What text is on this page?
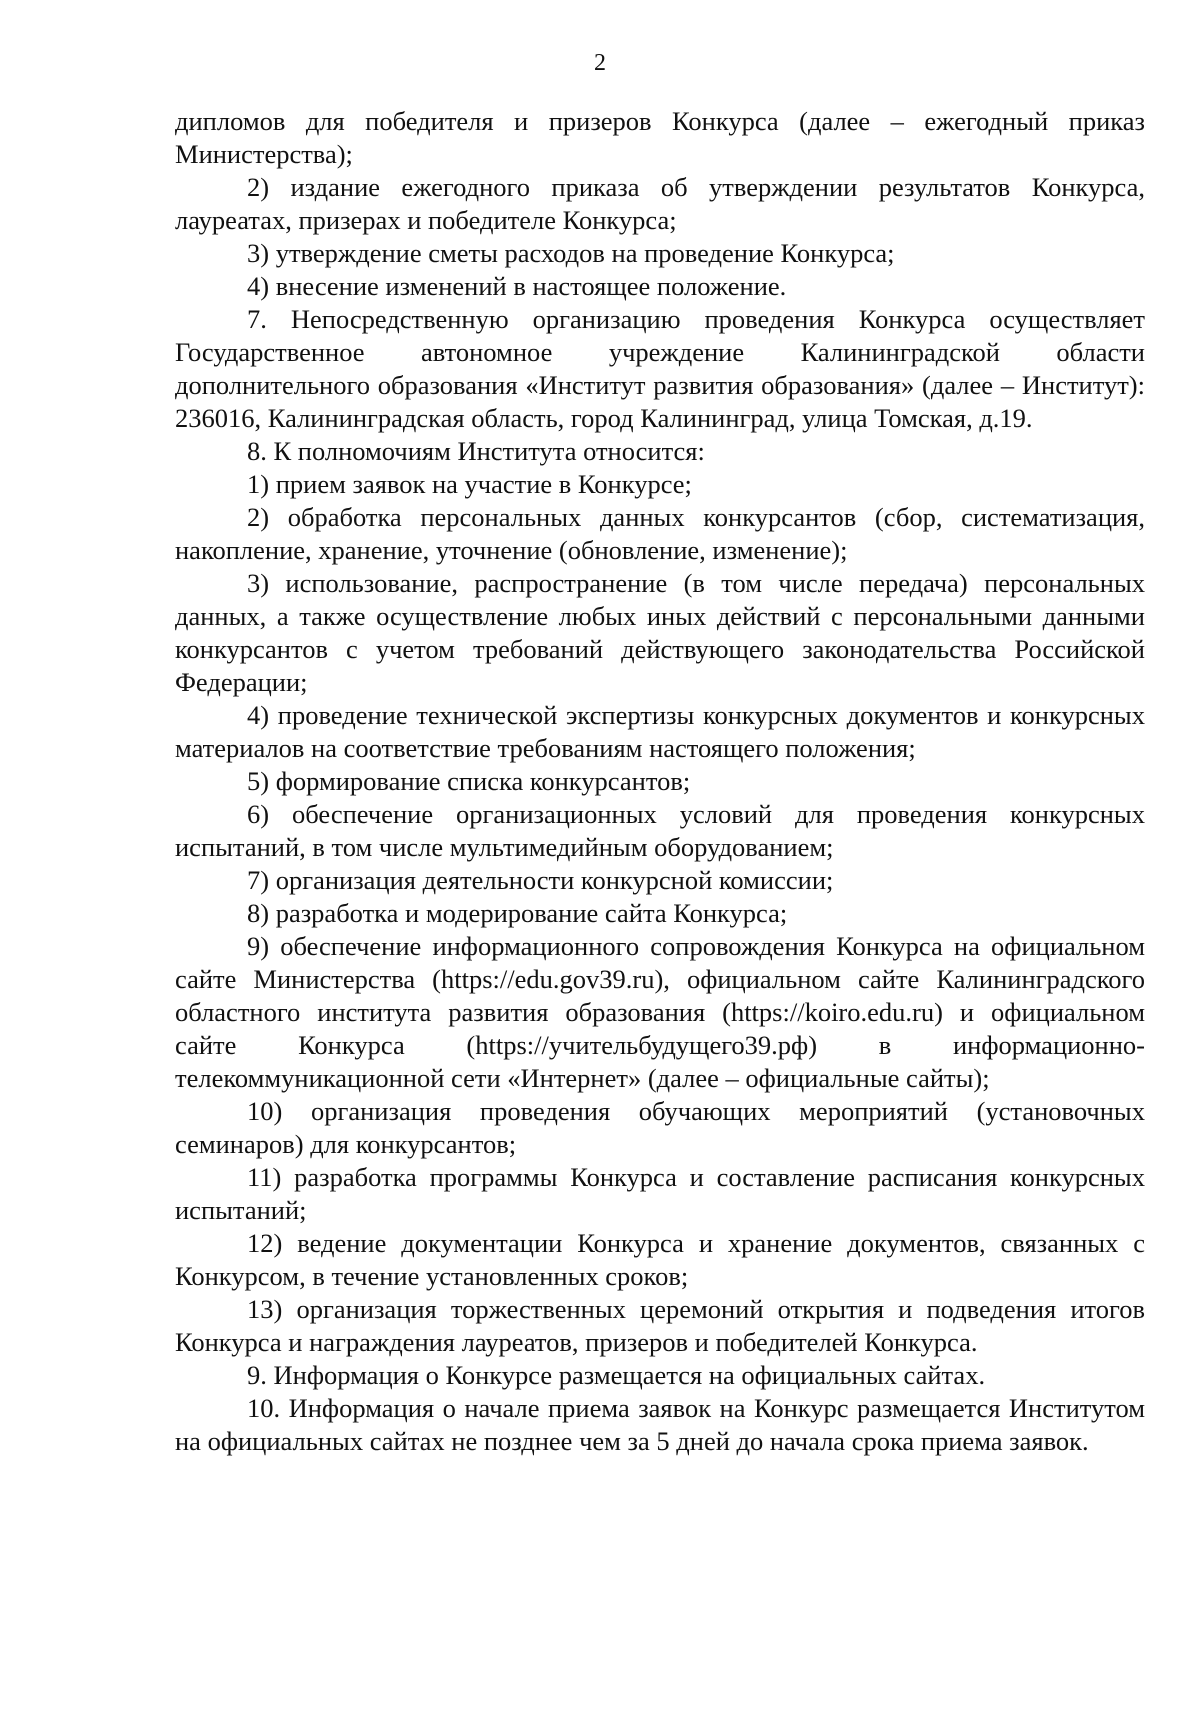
2

дипломов для победителя и призеров Конкурса (далее – ежегодный приказ Министерства);

2) издание ежегодного приказа об утверждении результатов Конкурса, лауреатах, призерах и победителе Конкурса;

3) утверждение сметы расходов на проведение Конкурса;

4) внесение изменений в настоящее положение.

7. Непосредственную организацию проведения Конкурса осуществляет Государственное автономное учреждение Калининградской области дополнительного образования «Институт развития образования» (далее – Институт): 236016, Калининградская область, город Калининград, улица Томская, д.19.

8. К полномочиям Института относится:

1) прием заявок на участие в Конкурсе;

2) обработка персональных данных конкурсантов (сбор, систематизация, накопление, хранение, уточнение (обновление, изменение);

3) использование, распространение (в том числе передача) персональных данных, а также осуществление любых иных действий с персональными данными конкурсантов с учетом требований действующего законодательства Российской Федерации;

4) проведение технической экспертизы конкурсных документов и конкурсных материалов на соответствие требованиям настоящего положения;

5) формирование списка конкурсантов;

6) обеспечение организационных условий для проведения конкурсных испытаний, в том числе мультимедийным оборудованием;

7) организация деятельности конкурсной комиссии;

8) разработка и модерирование сайта Конкурса;

9) обеспечение информационного сопровождения Конкурса на официальном сайте Министерства (https://edu.gov39.ru), официальном сайте Калининградского областного института развития образования (https://koiro.edu.ru) и официальном сайте Конкурса (https://учительбудущего39.рф) в информационно-телекоммуникационной сети «Интернет» (далее – официальные сайты);

10) организация проведения обучающих мероприятий (установочных семинаров) для конкурсантов;

11) разработка программы Конкурса и составление расписания конкурсных испытаний;

12) ведение документации Конкурса и хранение документов, связанных с Конкурсом, в течение установленных сроков;

13) организация торжественных церемоний открытия и подведения итогов Конкурса и награждения лауреатов, призеров и победителей Конкурса.

9. Информация о Конкурсе размещается на официальных сайтах.

10. Информация о начале приема заявок на Конкурс размещается Институтом на официальных сайтах не позднее чем за 5 дней до начала срока приема заявок.
